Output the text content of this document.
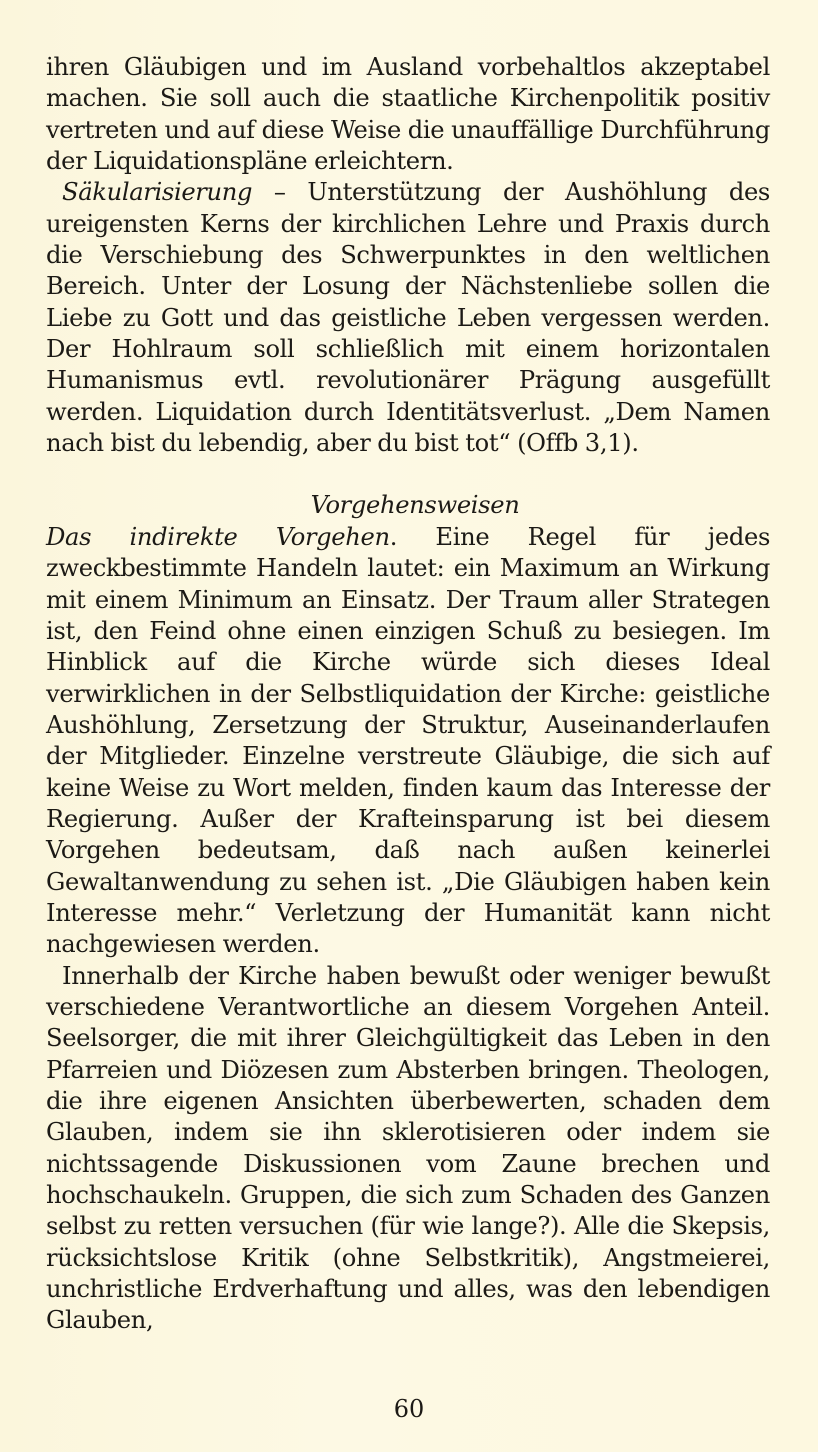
ihren Gläubigen und im Ausland vorbehaltlos akzeptabel machen. Sie soll auch die staatliche Kirchenpolitik positiv vertreten und auf diese Weise die unauffällige Durchführung der Liquidationspläne erleichtern.

Säkularisierung – Unterstützung der Aushöhlung des ureigensten Kerns der kirchlichen Lehre und Praxis durch die Verschiebung des Schwerpunktes in den weltlichen Bereich. Unter der Losung der Nächstenliebe sollen die Liebe zu Gott und das geistliche Leben vergessen werden. Der Hohlraum soll schließlich mit einem horizontalen Humanismus evtl. revolutionärer Prägung ausgefüllt werden. Liquidation durch Identitätsverlust. „Dem Namen nach bist du lebendig, aber du bist tot“ (Offb 3,1).

Vorgehensweisen

Das indirekte Vorgehen. Eine Regel für jedes zweckbestimmte Handeln lautet: ein Maximum an Wirkung mit einem Minimum an Einsatz. Der Traum aller Strategen ist, den Feind ohne einen einzigen Schuß zu besiegen. Im Hinblick auf die Kirche würde sich dieses Ideal verwirklichen in der Selbstliquidation der Kirche: geistliche Aushöhlung, Zersetzung der Struktur, Auseinanderlaufen der Mitglieder. Einzelne verstreute Gläubige, die sich auf keine Weise zu Wort melden, finden kaum das Interesse der Regierung. Außer der Krafteinsparung ist bei diesem Vorgehen bedeutsam, daß nach außen keinerlei Gewaltanwendung zu sehen ist. „Die Gläubigen haben kein Interesse mehr.“ Verletzung der Humanität kann nicht nachgewiesen werden.

Innerhalb der Kirche haben bewußt oder weniger bewußt verschiedene Verantwortliche an diesem Vorgehen Anteil. Seelsorger, die mit ihrer Gleichgültigkeit das Leben in den Pfarreien und Diözesen zum Absterben bringen. Theologen, die ihre eigenen Ansichten überbewerten, schaden dem Glauben, indem sie ihn sklerotisieren oder indem sie nichtssagende Diskussionen vom Zaune brechen und hochschaukeln. Gruppen, die sich zum Schaden des Ganzen selbst zu retten versuchen (für wie lange?). Alle die Skepsis, rücksichtslose Kritik (ohne Selbstkritik), Angstmeierei, unchristliche Erdverhaftung und alles, was den lebendigen Glauben,

60
